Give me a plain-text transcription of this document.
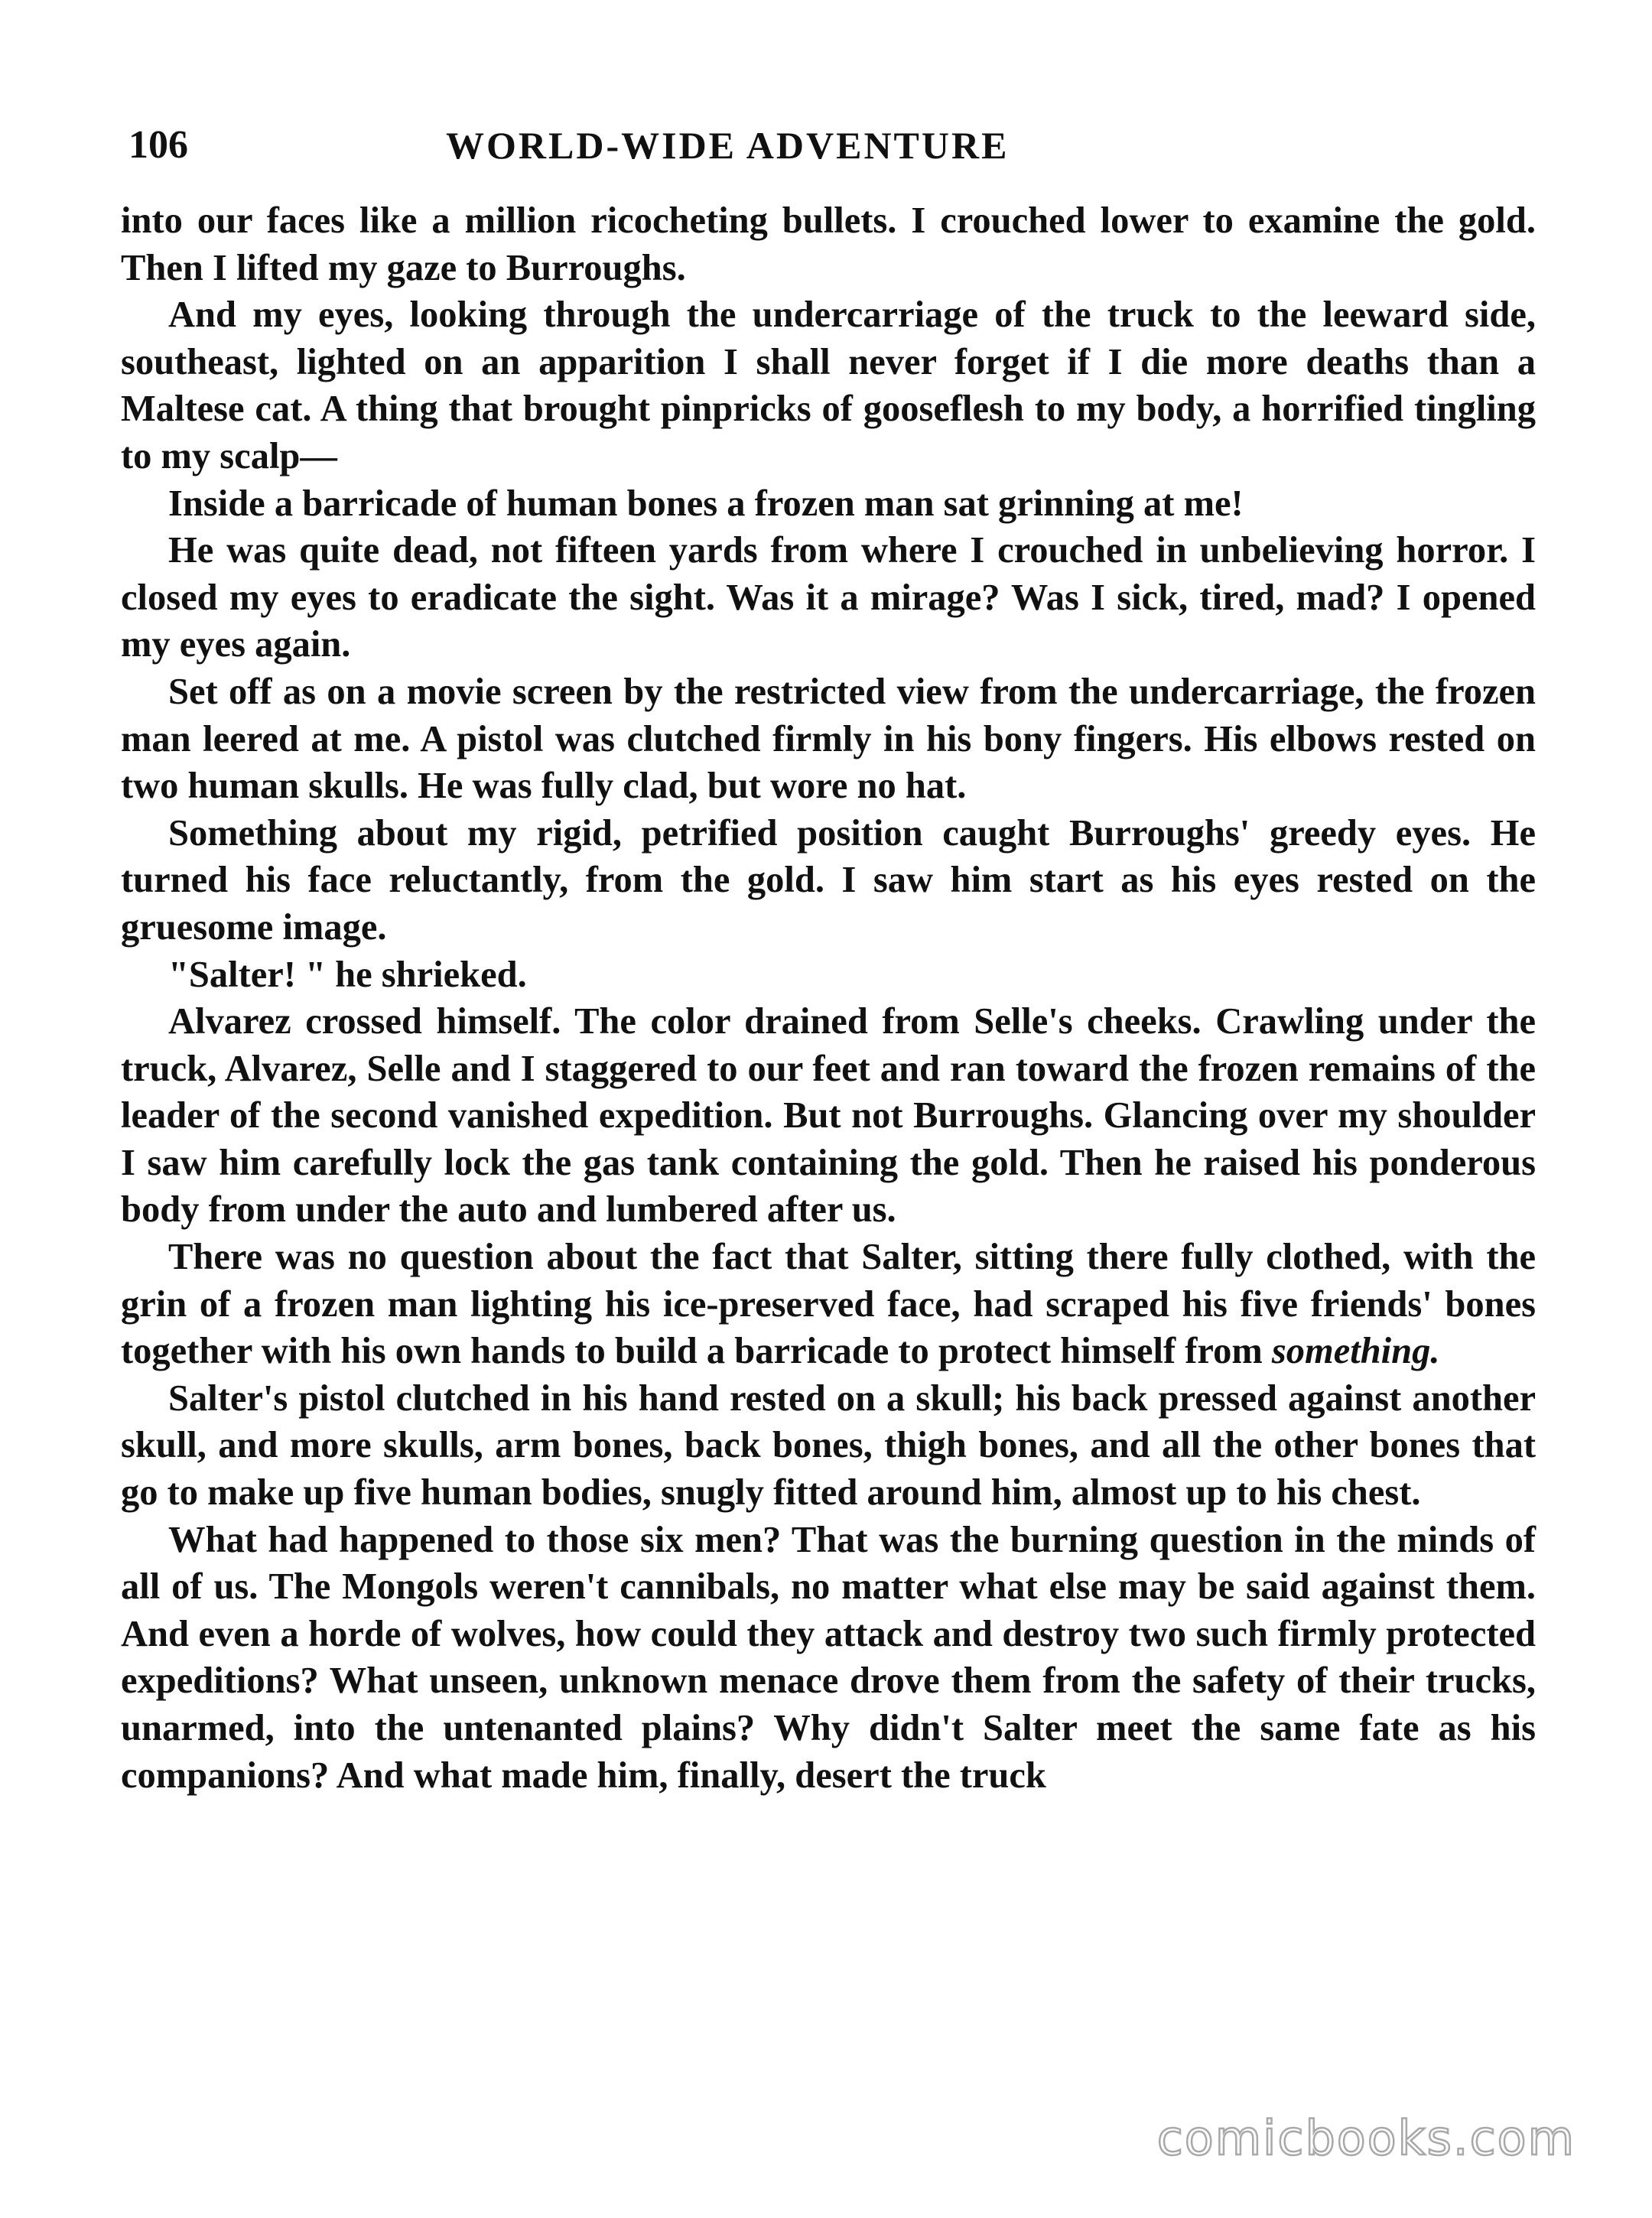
106	WORLD-WIDE ADVENTURE

into our faces like a million ricocheting bullets. I crouched lower to examine the gold. Then I lifted my gaze to Burroughs.

And my eyes, looking through the undercarriage of the truck to the leeward side, southeast, lighted on an apparition I shall never forget if I die more deaths than a Maltese cat. A thing that brought pinpricks of gooseflesh to my body, a horrified tingling to my scalp—

Inside a barricade of human bones a frozen man sat grinning at me!

He was quite dead, not fifteen yards from where I crouched in unbelieving horror. I closed my eyes to eradicate the sight. Was it a mirage? Was I sick, tired, mad? I opened my eyes again.

Set off as on a movie screen by the restricted view from the undercarriage, the frozen man leered at me. A pistol was clutched firmly in his bony fingers. His elbows rested on two human skulls. He was fully clad, but wore no hat.

Something about my rigid, petrified position caught Burroughs' greedy eyes. He turned his face reluctantly, from the gold. I saw him start as his eyes rested on the gruesome image.

"Salter! " he shrieked.

Alvarez crossed himself. The color drained from Selle's cheeks. Crawling under the truck, Alvarez, Selle and I staggered to our feet and ran toward the frozen remains of the leader of the second vanished expedition. But not Burroughs. Glancing over my shoulder I saw him carefully lock the gas tank containing the gold. Then he raised his ponderous body from under the auto and lumbered after us.

There was no question about the fact that Salter, sitting there fully clothed, with the grin of a frozen man lighting his ice-preserved face, had scraped his five friends' bones together with his own hands to build a barricade to protect himself from something.

Salter's pistol clutched in his hand rested on a skull; his back pressed against another skull, and more skulls, arm bones, back bones, thigh bones, and all the other bones that go to make up five human bodies, snugly fitted around him, almost up to his chest.

What had happened to those six men? That was the burning question in the minds of all of us. The Mongols weren't cannibals, no matter what else may be said against them. And even a horde of wolves, how could they attack and destroy two such firmly protected expeditions? What unseen, unknown menace drove them from the safety of their trucks, unarmed, into the untenanted plains? Why didn't Salter meet the same fate as his companions? And what made him, finally, desert the truck

comicbooks.com
